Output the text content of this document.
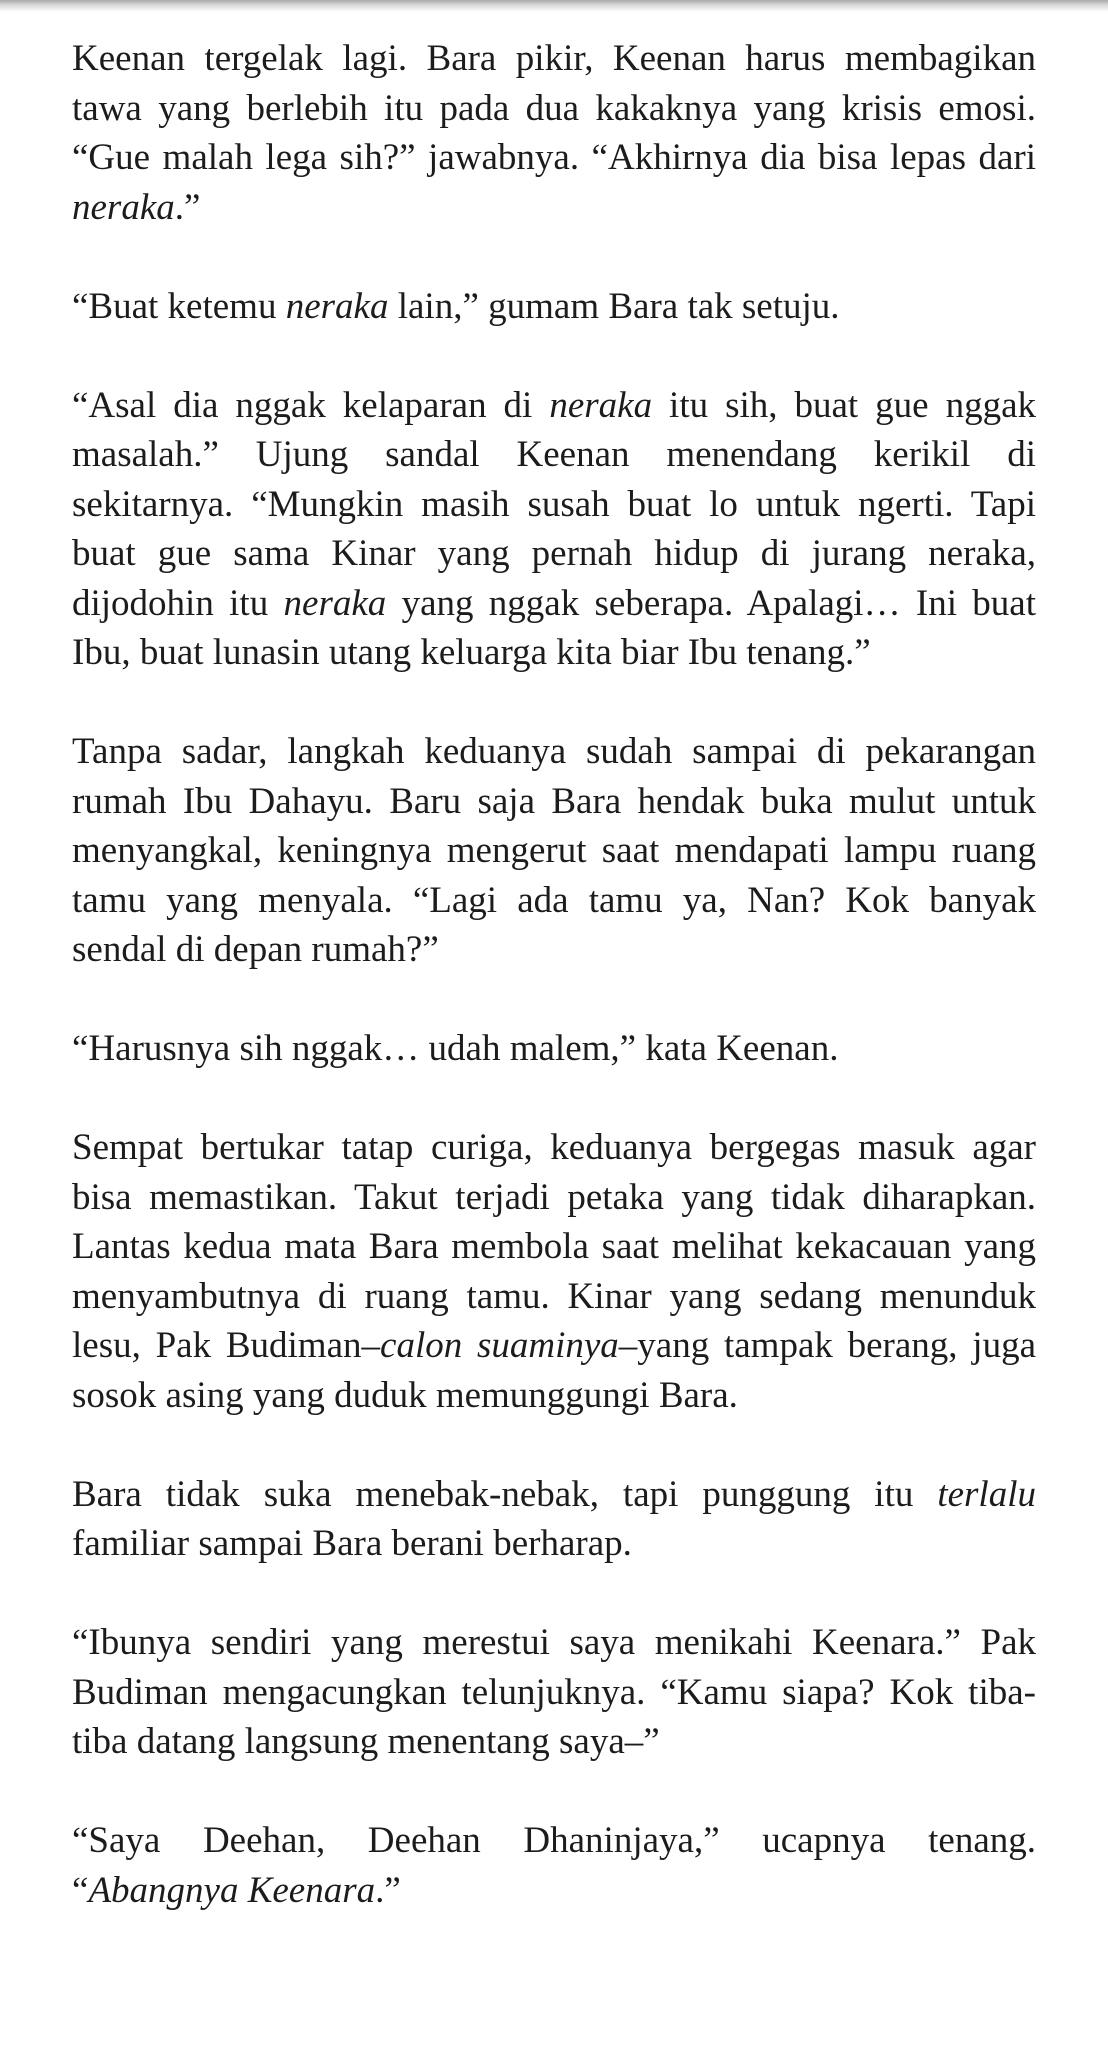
Keenan tergelak lagi. Bara pikir, Keenan harus membagikan tawa yang berlebih itu pada dua kakaknya yang krisis emosi. “Gue malah lega sih?” jawabnya. “Akhirnya dia bisa lepas dari neraka.”

“Buat ketemu neraka lain,” gumam Bara tak setuju.

“Asal dia nggak kelaparan di neraka itu sih, buat gue nggak masalah.” Ujung sandal Keenan menendang kerikil di sekitarnya. “Mungkin masih susah buat lo untuk ngerti. Tapi buat gue sama Kinar yang pernah hidup di jurang neraka, dijodohin itu neraka yang nggak seberapa. Apalagi… Ini buat Ibu, buat lunasin utang keluarga kita biar Ibu tenang.”

Tanpa sadar, langkah keduanya sudah sampai di pekarangan rumah Ibu Dahayu. Baru saja Bara hendak buka mulut untuk menyangkal, keningnya mengerut saat mendapati lampu ruang tamu yang menyala. “Lagi ada tamu ya, Nan? Kok banyak sendal di depan rumah?”

“Harusnya sih nggak… udah malem,” kata Keenan.

Sempat bertukar tatap curiga, keduanya bergegas masuk agar bisa memastikan. Takut terjadi petaka yang tidak diharapkan. Lantas kedua mata Bara membola saat melihat kekacauan yang menyambutnya di ruang tamu. Kinar yang sedang menunduk lesu, Pak Budiman–calon suaminya–yang tampak berang, juga sosok asing yang duduk memunggungi Bara.

Bara tidak suka menebak-nebak, tapi punggung itu terlalu familiar sampai Bara berani berharap.

“Ibunya sendiri yang merestui saya menikahi Keenara.” Pak Budiman mengacungkan telunjuknya. “Kamu siapa? Kok tiba-tiba datang langsung menentang saya–”

“Saya Deehan, Deehan Dhaninjaya,” ucapnya tenang. “Abangnya Keenara.”
